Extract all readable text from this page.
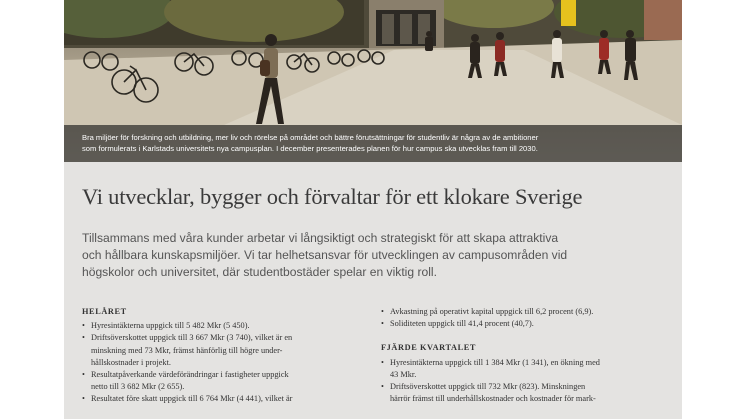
”
Bra miljöer för forskning och utbildning, mer liv och rörelse på området och bättre förutsättningar för studentliv är några av de ambitioner
som formulerats i Karlstads universitets nya campusplan. I december presenterades planen för hur campus ska utvecklas fram till 2030.
Vi utvecklar, bygger och förvaltar för ett klokare Sverige
Tillsammans med våra kunder arbetar vi långsiktigt och strategiskt för att skapa attraktiva
och hållbara kunskapsmiljöer. Vi tar helhetsansvar för utvecklingen av campusområden vid
högskolor och universitet, där studentbostäder spelar en viktig roll.
HELÅRET
• Hyresintäkterna uppgick till 5 482 Mkr (5 450).
• Driftsöverskottet uppgick till 3 667 Mkr (3 740), vilket är en
minskning med 73 Mkr, främst hänförlig till högre under-
hållskostnader i projekt.
• Resultatpåverkande värdeförändringar i fastigheter uppgick
netto till 3 682 Mkr (2 655).
• Resultatet före skatt uppgick till 6 764 Mkr (4 441), vilket är
• Avkastning på operativt kapital uppgick till 6,2 procent (6,9).
• Soliditeten uppgick till 41,4 procent (40,7).
FJÄRDE KVARTALET
• Hyresintäkterna uppgick till 1 384 Mkr (1 341), en ökning med
43 Mkr.
• Driftsöverskottet uppgick till 732 Mkr (823). Minskningen
härrör främst till underhållskostnader och kostnader för mark-
